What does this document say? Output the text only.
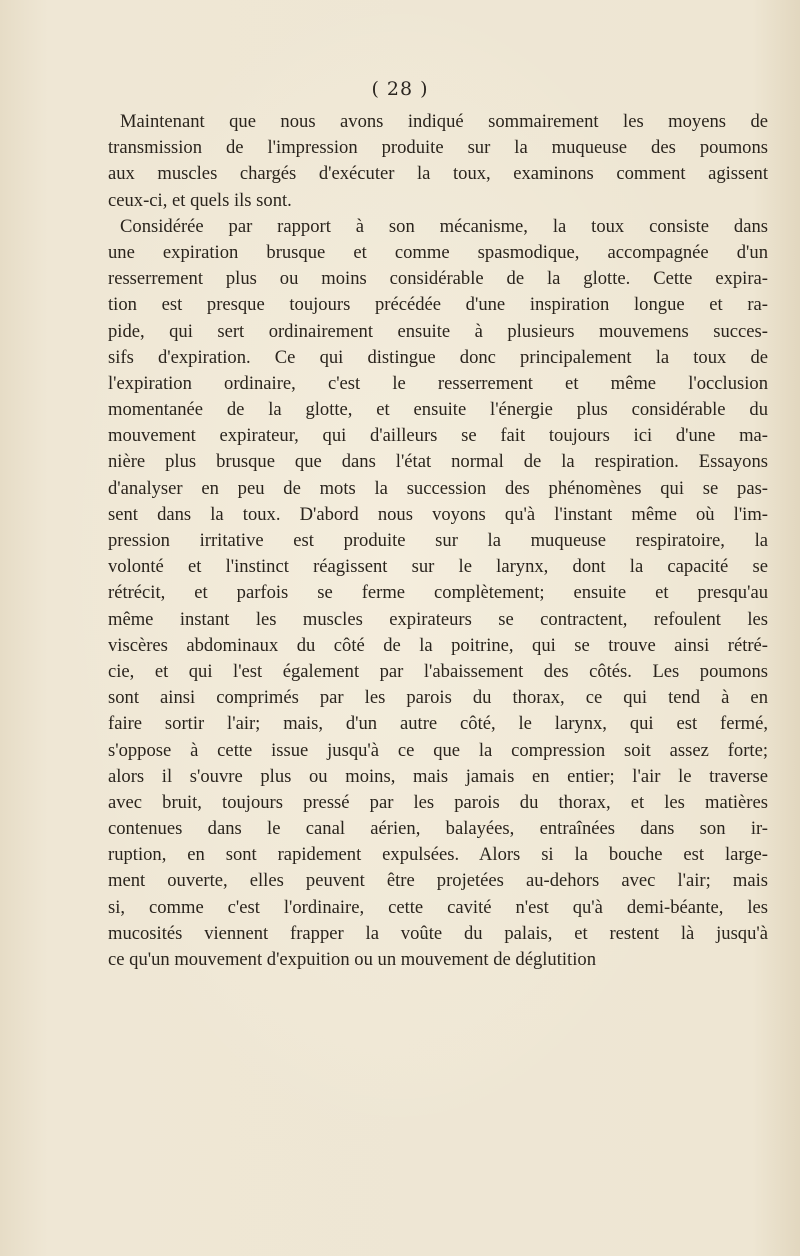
( 28 )
Maintenant que nous avons indiqué sommairement les moyens de
transmission de l'impression produite sur la muqueuse des poumons
aux muscles chargés d'exécuter la toux, examinons comment agissent
ceux-ci, et quels ils sont.
Considérée par rapport à son mécanisme, la toux consiste dans
une expiration brusque et comme spasmodique, accompagnée d'un
resserrement plus ou moins considérable de la glotte. Cette expira-
tion est presque toujours précédée d'une inspiration longue et ra-
pide, qui sert ordinairement ensuite à plusieurs mouvemens succes-
sifs d'expiration. Ce qui distingue donc principalement la toux de
l'expiration ordinaire, c'est le resserrement et même l'occlusion
momentanée de la glotte, et ensuite l'énergie plus considérable du
mouvement expirateur, qui d'ailleurs se fait toujours ici d'une ma-
nière plus brusque que dans l'état normal de la respiration. Essayons
d'analyser en peu de mots la succession des phénomènes qui se pas-
sent dans la toux. D'abord nous voyons qu'à l'instant même où l'im-
pression irritative est produite sur la muqueuse respiratoire, la
volonté et l'instinct réagissent sur le larynx, dont la capacité se
rétrécit, et parfois se ferme complètement; ensuite et presqu'au
même instant les muscles expirateurs se contractent, refoulent les
viscères abdominaux du côté de la poitrine, qui se trouve ainsi rétré-
cie, et qui l'est également par l'abaissement des côtés. Les poumons
sont ainsi comprimés par les parois du thorax, ce qui tend à en
faire sortir l'air; mais, d'un autre côté, le larynx, qui est fermé,
s'oppose à cette issue jusqu'à ce que la compression soit assez forte;
alors il s'ouvre plus ou moins, mais jamais en entier; l'air le traverse
avec bruit, toujours pressé par les parois du thorax, et les matières
contenues dans le canal aérien, balayées, entraînées dans son ir-
ruption, en sont rapidement expulsées. Alors si la bouche est large-
ment ouverte, elles peuvent être projetées au-dehors avec l'air; mais
si, comme c'est l'ordinaire, cette cavité n'est qu'à demi-béante, les
mucosités viennent frapper la voûte du palais, et restent là jusqu'à
ce qu'un mouvement d'expuition ou un mouvement de déglutition
